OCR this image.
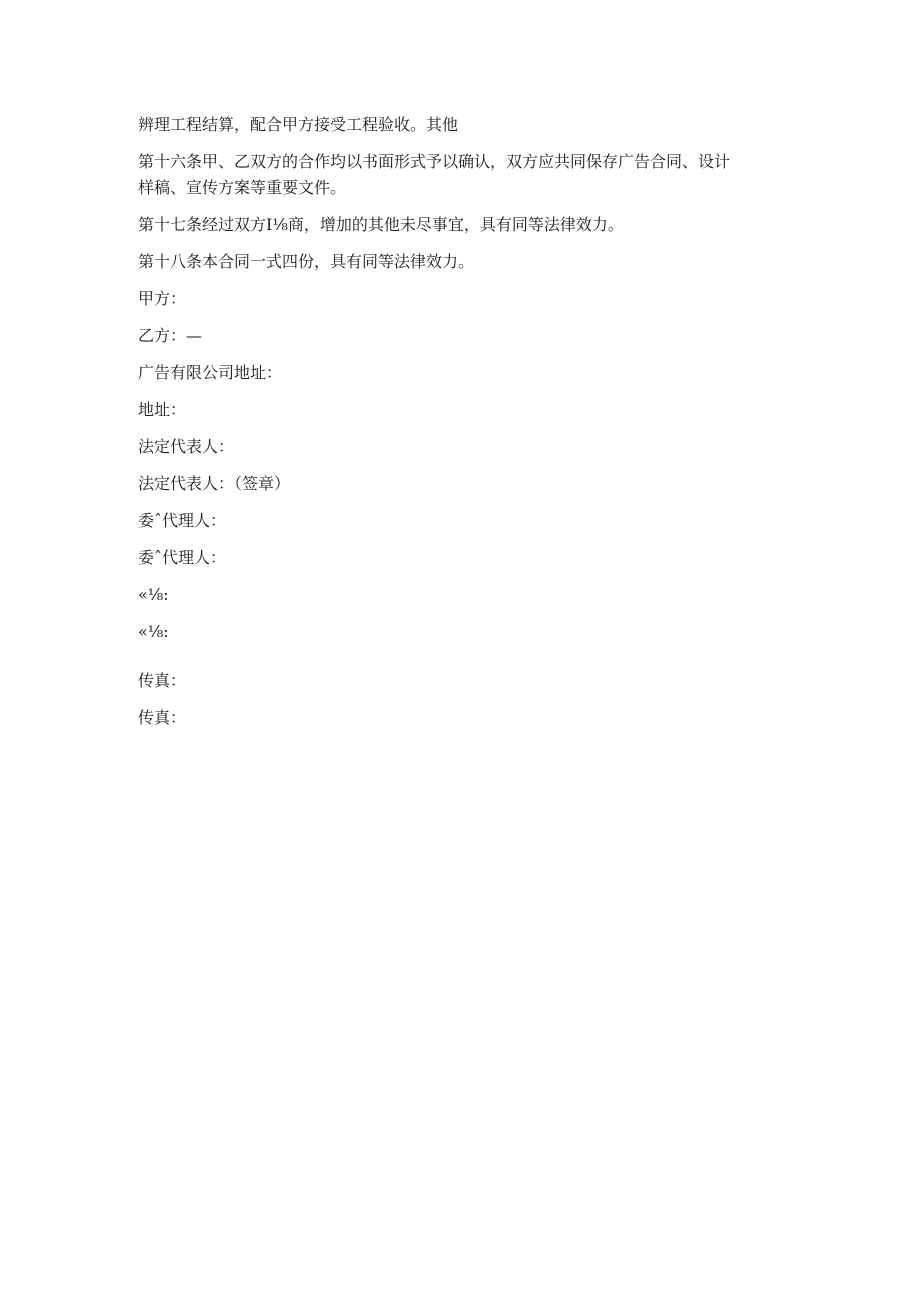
辨理工程结算，配合甲方接受工程验收。其他

第十六条甲、乙双方的合作均以书面形式予以确认，双方应共同保存广告合同、设计

样稿、宣传方案等重要文件。

第十七条经过双方I⅛商，增加的其他未尽事宜，具有同等法律效力。

第十八条本合同一式四份，具有同等法律效力。

甲方：

乙方：—

广告有限公司地址：

地址：

法定代表人：

法定代表人：（签章）

委ˆ代理人：

委ˆ代理人：

«⅛:

«⅛:

传真：

传真：
